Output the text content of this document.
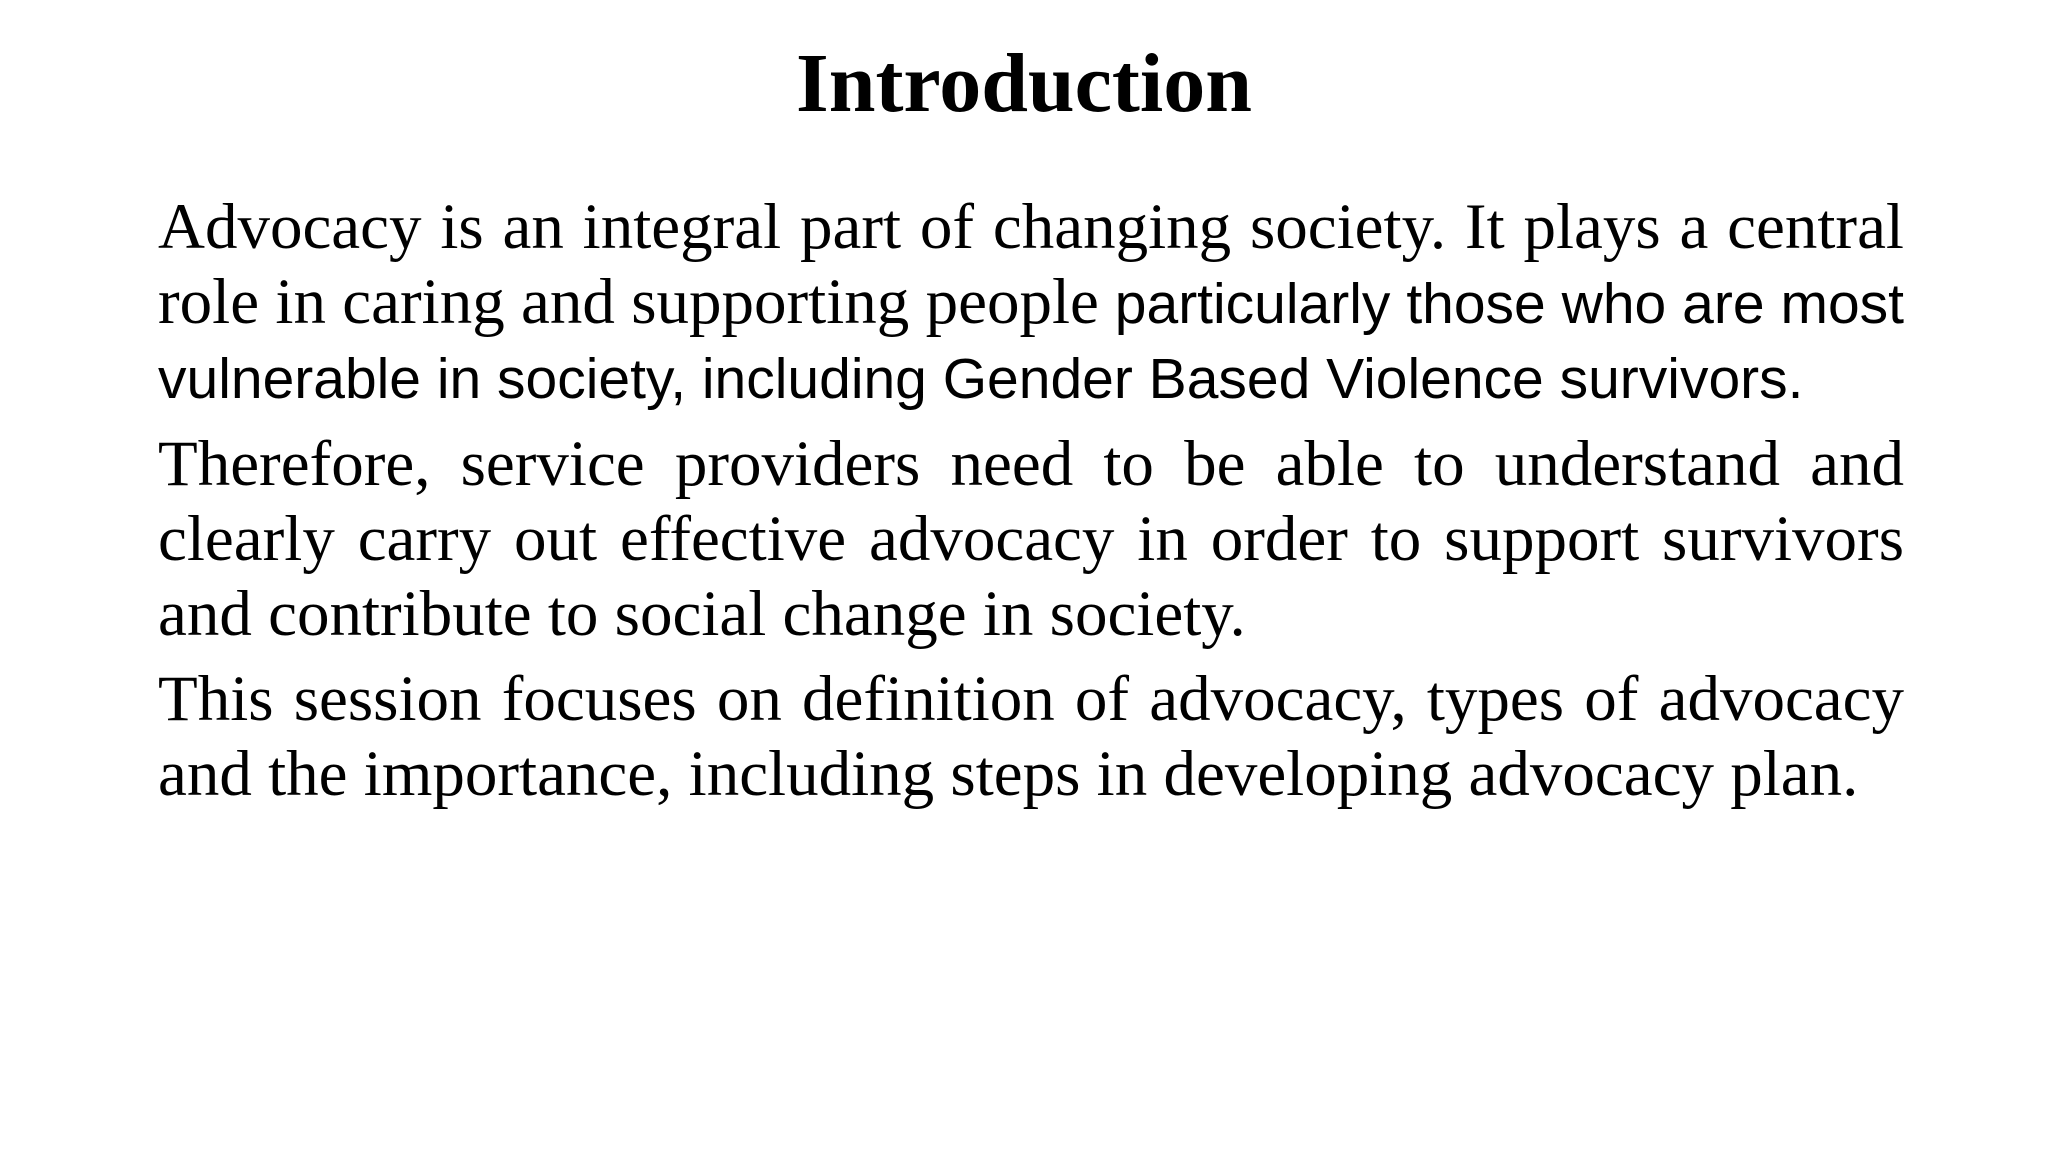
Introduction

Advocacy is an integral part of changing society. It plays a central role in caring and supporting people particularly those who are most vulnerable in society, including Gender Based Violence survivors.

Therefore, service providers need to be able to understand and clearly carry out effective advocacy in order to support survivors and contribute to social change in society.

This session focuses on definition of advocacy, types of advocacy and the importance, including steps in developing advocacy plan.
